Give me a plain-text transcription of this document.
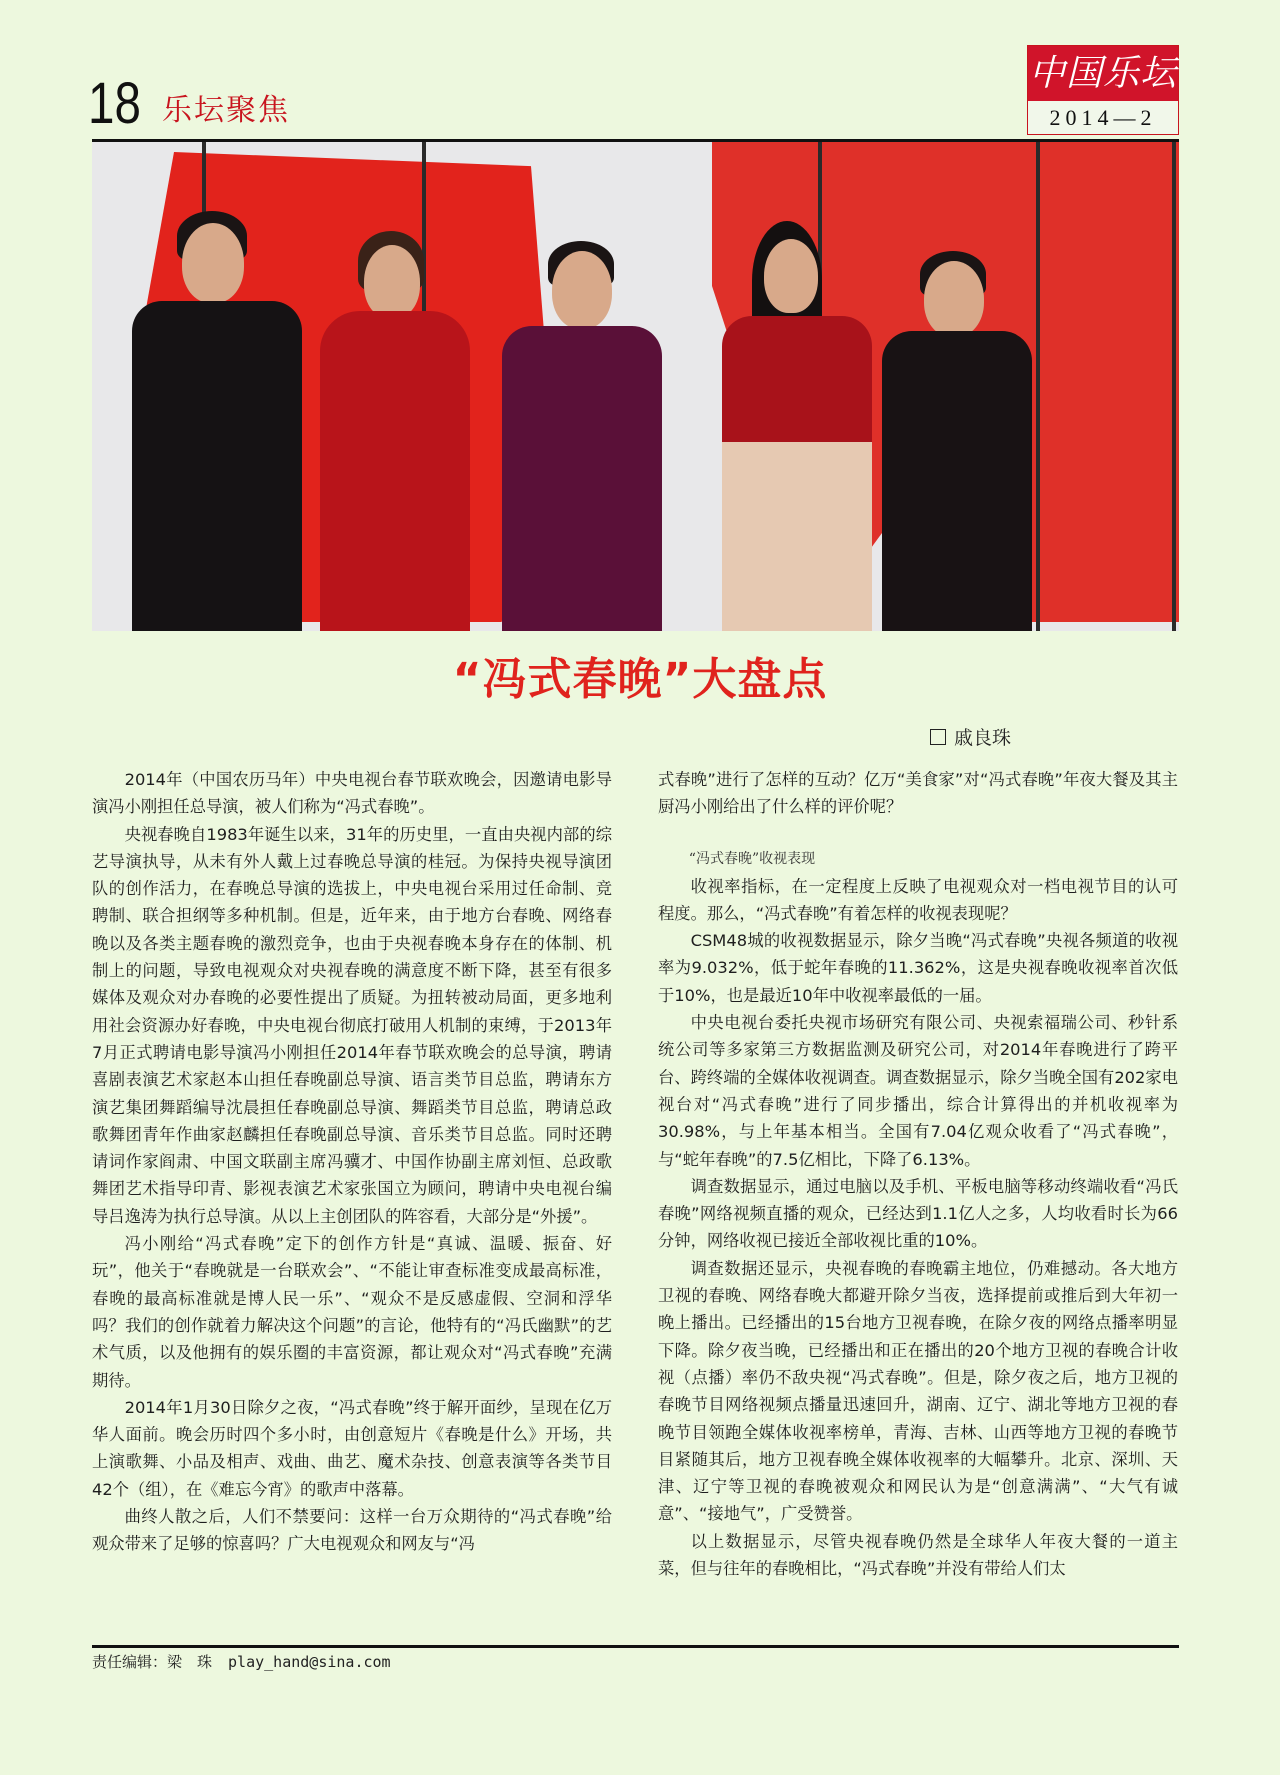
18 乐坛聚焦
中国乐坛
2014—2
“冯式春晚”大盘点
戚良珠

2014年（中国农历马年）中央电视台春节联欢晚会，因邀请电影导演冯小刚担任总导演，被人们称为“冯式春晚”。

央视春晚自1983年诞生以来，31年的历史里，一直由央视内部的综艺导演执导，从未有外人戴上过春晚总导演的桂冠。为保持央视导演团队的创作活力，在春晚总导演的选拔上，中央电视台采用过任命制、竞聘制、联合担纲等多种机制。但是，近年来，由于地方台春晚、网络春晚以及各类主题春晚的激烈竞争，也由于央视春晚本身存在的体制、机制上的问题，导致电视观众对央视春晚的满意度不断下降，甚至有很多媒体及观众对办春晚的必要性提出了质疑。为扭转被动局面，更多地利用社会资源办好春晚，中央电视台彻底打破用人机制的束缚，于2013年7月正式聘请电影导演冯小刚担任2014年春节联欢晚会的总导演，聘请喜剧表演艺术家赵本山担任春晚副总导演、语言类节目总监，聘请东方演艺集团舞蹈编导沈晨担任春晚副总导演、舞蹈类节目总监，聘请总政歌舞团青年作曲家赵麟担任春晚副总导演、音乐类节目总监。同时还聘请词作家阎肃、中国文联副主席冯骥才、中国作协副主席刘恒、总政歌舞团艺术指导印青、影视表演艺术家张国立为顾问，聘请中央电视台编导吕逸涛为执行总导演。从以上主创团队的阵容看，大部分是“外援”。

冯小刚给“冯式春晚”定下的创作方针是“真诚、温暖、振奋、好玩”，他关于“春晚就是一台联欢会”、“不能让审查标准变成最高标准，春晚的最高标准就是博人民一乐”、“观众不是反感虚假、空洞和浮华吗？我们的创作就着力解决这个问题”的言论，他特有的“冯氏幽默”的艺术气质，以及他拥有的娱乐圈的丰富资源，都让观众对“冯式春晚”充满期待。

2014年1月30日除夕之夜，“冯式春晚”终于解开面纱，呈现在亿万华人面前。晚会历时四个多小时，由创意短片《春晚是什么》开场，共上演歌舞、小品及相声、戏曲、曲艺、魔术杂技、创意表演等各类节目42个（组），在《难忘今宵》的歌声中落幕。

曲终人散之后，人们不禁要问：这样一台万众期待的“冯式春晚”给观众带来了足够的惊喜吗？广大电视观众和网友与“冯

式春晚”进行了怎样的互动？亿万“美食家”对“冯式春晚”年夜大餐及其主厨冯小刚给出了什么样的评价呢？

“冯式春晚”收视表现

收视率指标，在一定程度上反映了电视观众对一档电视节目的认可程度。那么，“冯式春晚”有着怎样的收视表现呢？

CSM48城的收视数据显示，除夕当晚“冯式春晚”央视各频道的收视率为9.032%，低于蛇年春晚的11.362%，这是央视春晚收视率首次低于10%，也是最近10年中收视率最低的一届。

中央电视台委托央视市场研究有限公司、央视索福瑞公司、秒针系统公司等多家第三方数据监测及研究公司，对2014年春晚进行了跨平台、跨终端的全媒体收视调查。调查数据显示，除夕当晚全国有202家电视台对“冯式春晚”进行了同步播出，综合计算得出的并机收视率为30.98%，与上年基本相当。全国有7.04亿观众收看了“冯式春晚”，与“蛇年春晚”的7.5亿相比，下降了6.13%。

调查数据显示，通过电脑以及手机、平板电脑等移动终端收看“冯氏春晚”网络视频直播的观众，已经达到1.1亿人之多，人均收看时长为66分钟，网络收视已接近全部收视比重的10%。

调查数据还显示，央视春晚的春晚霸主地位，仍难撼动。各大地方卫视的春晚、网络春晚大都避开除夕当夜，选择提前或推后到大年初一晚上播出。已经播出的15台地方卫视春晚，在除夕夜的网络点播率明显下降。除夕夜当晚，已经播出和正在播出的20个地方卫视的春晚合计收视（点播）率仍不敌央视“冯式春晚”。但是，除夕夜之后，地方卫视的春晚节目网络视频点播量迅速回升，湖南、辽宁、湖北等地方卫视的春晚节目领跑全媒体收视率榜单，青海、吉林、山西等地方卫视的春晚节目紧随其后，地方卫视春晚全媒体收视率的大幅攀升。北京、深圳、天津、辽宁等卫视的春晚被观众和网民认为是“创意满满”、“大气有诚意”、“接地气”，广受赞誉。

以上数据显示，尽管央视春晚仍然是全球华人年夜大餐的一道主菜，但与往年的春晚相比，“冯式春晚”并没有带给人们太

责任编辑：梁　珠 play_hand@sina.com
